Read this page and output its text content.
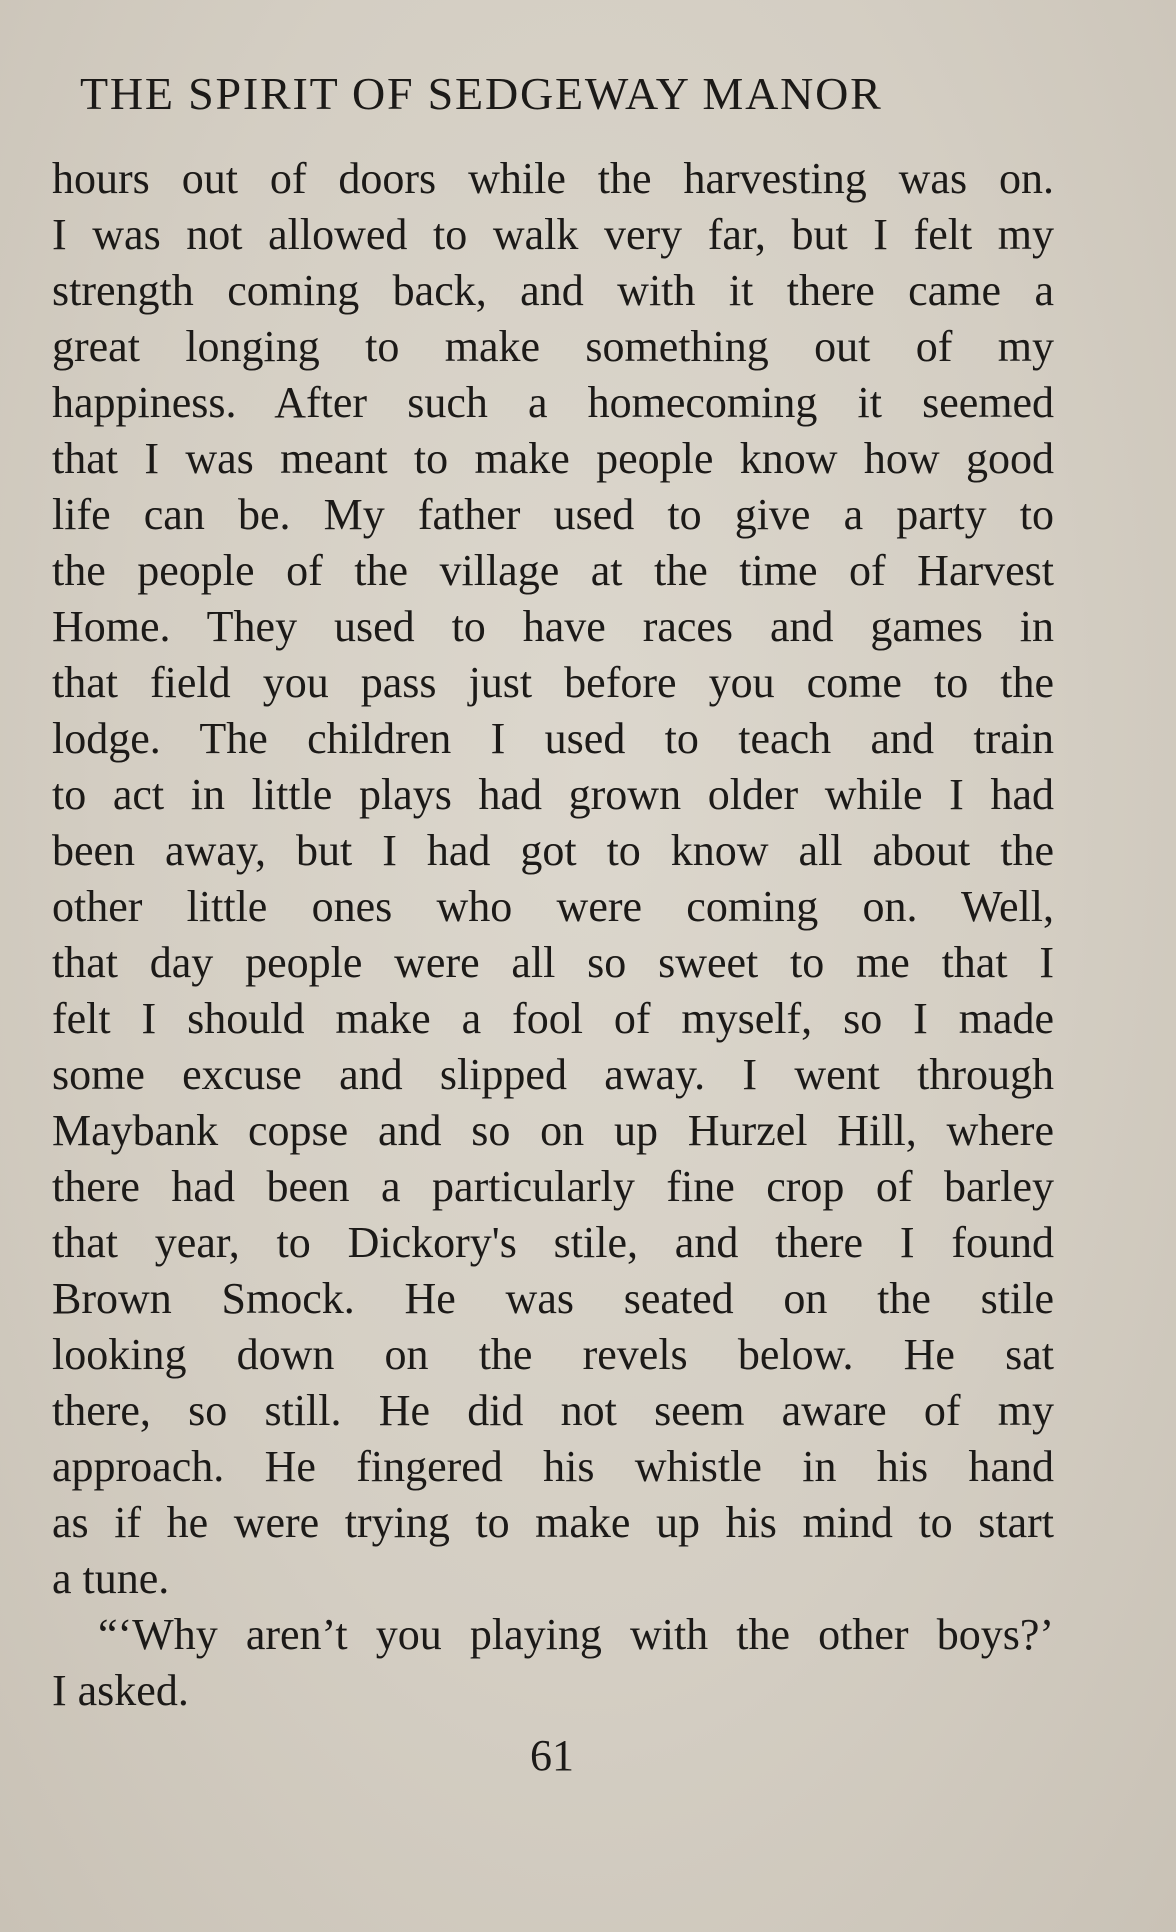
THE SPIRIT OF SEDGEWAY MANOR
hours out of doors while the harvesting was on.
I was not allowed to walk very far, but I felt my
strength coming back, and with it there came a
great longing to make something out of my
happiness. After such a homecoming it seemed
that I was meant to make people know how good
life can be. My father used to give a party to
the people of the village at the time of Harvest
Home. They used to have races and games in
that field you pass just before you come to the
lodge. The children I used to teach and train
to act in little plays had grown older while I had
been away, but I had got to know all about the
other little ones who were coming on. Well,
that day people were all so sweet to me that I
felt I should make a fool of myself, so I made
some excuse and slipped away. I went through
Maybank copse and so on up Hurzel Hill, where
there had been a particularly fine crop of barley
that year, to Dickory's stile, and there I found
Brown Smock. He was seated on the stile
looking down on the revels below. He sat
there, so still. He did not seem aware of my
approach. He fingered his whistle in his hand
as if he were trying to make up his mind to start
a tune.
“‘Why aren’t you playing with the other boys?’
I asked.
61
